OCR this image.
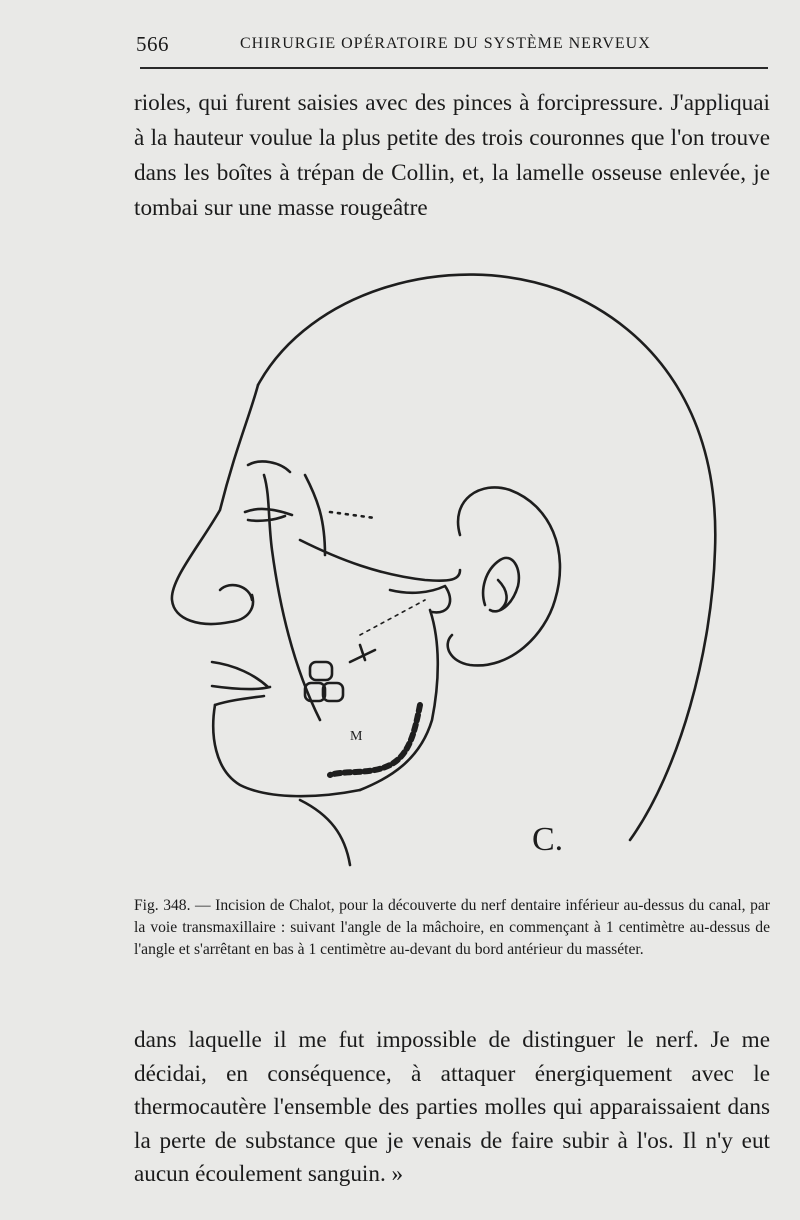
566	CHIRURGIE OPÉRATOIRE DU SYSTÈME NERVEUX

rioles, qui furent saisies avec des pinces à forcipressure. J'appliquai à la hauteur voulue la plus petite des trois couronnes que l'on trouve dans les boîtes à trépan de Collin, et, la lamelle osseuse enlevée, je tombai sur une masse rougeâtre

M
C.

Fig. 348. — Incision de Chalot, pour la découverte du nerf dentaire inférieur au-dessus du canal, par la voie transmaxillaire : suivant l'angle de la mâchoire, en commençant à 1 centimètre au-dessus de l'angle et s'arrêtant en bas à 1 centimètre au-devant du bord antérieur du masséter.

dans laquelle il me fut impossible de distinguer le nerf. Je me décidai, en conséquence, à attaquer énergiquement avec le thermocautère l'ensemble des parties molles qui apparaissaient dans la perte de substance que je venais de faire subir à l'os. Il n'y eut aucun écoulement sanguin. »
